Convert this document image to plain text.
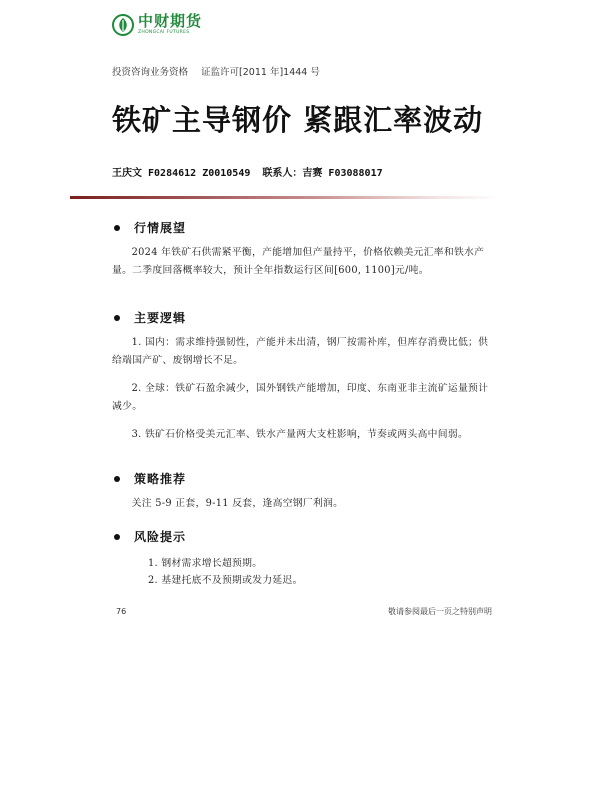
中财期货
ZHONGCAI FUTURES
投资咨询业务资格 证监许可[2011 年]1444 号
铁矿主导钢价 紧跟汇率波动
王庆文 F0284612 Z0010549 联系人：吉赛 F03088017
行情展望
2024 年铁矿石供需紧平衡，产能增加但产量持平，价格依赖美元汇率和铁水产量。二季度回落概率较大，预计全年指数运行区间[600, 1100]元/吨。
主要逻辑
1. 国内：需求维持强韧性，产能并未出清，钢厂按需补库，但库存消费比低；供给端国产矿、废钢增长不足。
2. 全球：铁矿石盈余减少，国外钢铁产能增加，印度、东南亚非主流矿运量预计减少。
3. 铁矿石价格受美元汇率、铁水产量两大支柱影响，节奏或两头高中间弱。
策略推荐
关注 5-9 正套，9-11 反套，逢高空钢厂利润。
风险提示
1. 钢材需求增长超预期。
2. 基建托底不及预期或发力延迟。
76	敬请参阅最后一页之特别声明
